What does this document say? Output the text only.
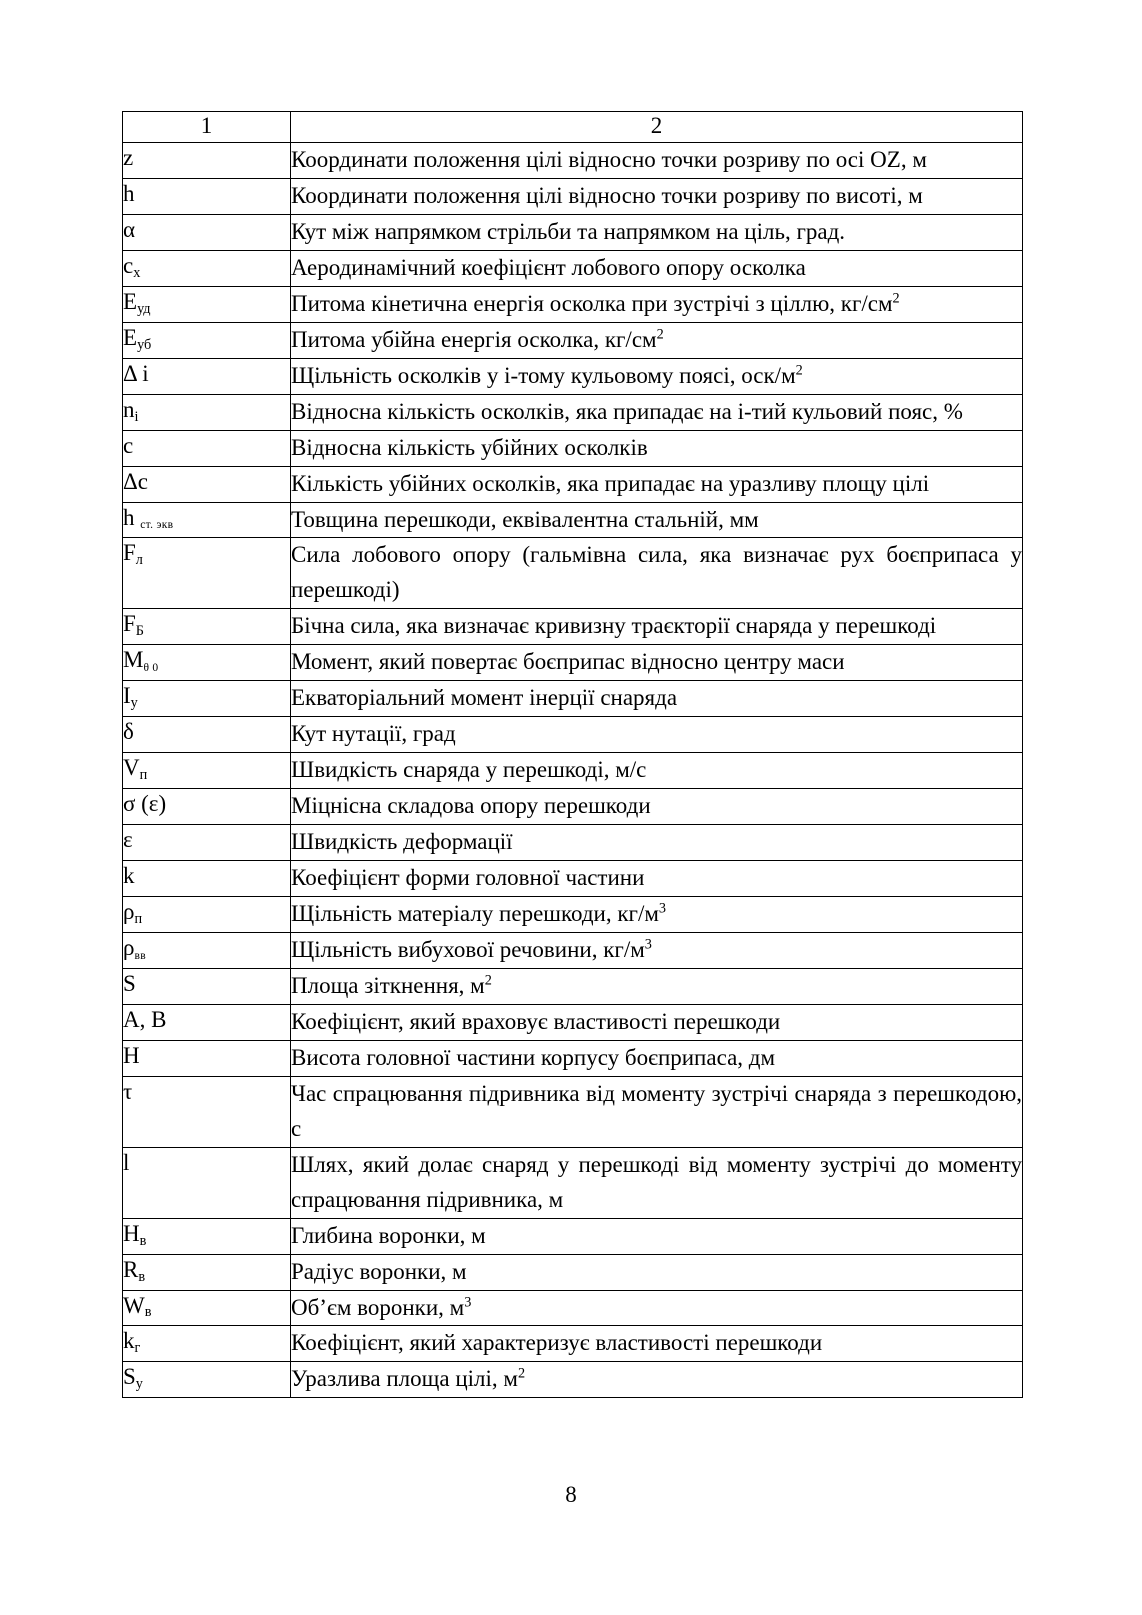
1	2
z	Координати положення цілі відносно точки розриву по осі OZ, м
h	Координати положення цілі відносно точки розриву по висоті, м
α	Кут між напрямком стрільби та напрямком на ціль, град.
$c_x$	Аеродинамічний коефіцієнт лобового опору осколка
$E_{уд}$	Питома кінетична енергія осколка при зустрічі з ціллю, $кг/см^2$
$E_{уб}$	Питома убійна енергія осколка, $кг/см^2$
Δ i	Щільність осколків у і-тому кульовому поясі, оск/$м^2$
$n_i$	Відносна кількість осколків, яка припадає на і-тий кульовий пояс, %
c	Відносна кількість убійних осколків
Δc	Кількість убійних осколків, яка припадає на уразливу площу цілі
h ст. экв	Товщина перешкоди, еквівалентна стальній, мм
$F_л$	Сила лобового опору (гальмівна сила, яка визначає рух боєприпаса у перешкоді)
$F_Б$	Бічна сила, яка визначає кривизну траєкторії снаряда у перешкоді
Mθ 0	Момент, який повертає боєприпас відносно центру маси
$I_y$	Екваторіальний момент інерції снаряда
δ	Кут нутації, град
$V_п$	Швидкість снаряда у перешкоді, м/с
σ (ε)	Міцнісна складова опору перешкоди
ε	Швидкість деформації
k	Коефіцієнт форми головної частини
$\rho_п$	Щільність матеріалу перешкоди, $кг/м^3$
ρвв	Щільність вибухової речовини, $кг/м^3$
S	Площа зіткнення, $м^2$
A, B	Коефіцієнт, який враховує властивості перешкоди
H	Висота головної частини корпусу боєприпаса, дм
τ	Час спрацювання підривника від моменту зустрічі снаряда з перешкодою, с
l	Шлях, який долає снаряд у перешкоді від моменту зустрічі до моменту спрацювання підривника, м
$H_в$	Глибина воронки, м
$R_в$	Радіус воронки, м
$W_в$	Об’єм воронки, $м^3$
$k_г$	Коефіцієнт, який характеризує властивості перешкоди
$S_у$	Уразлива площа цілі, $м^2$
8
